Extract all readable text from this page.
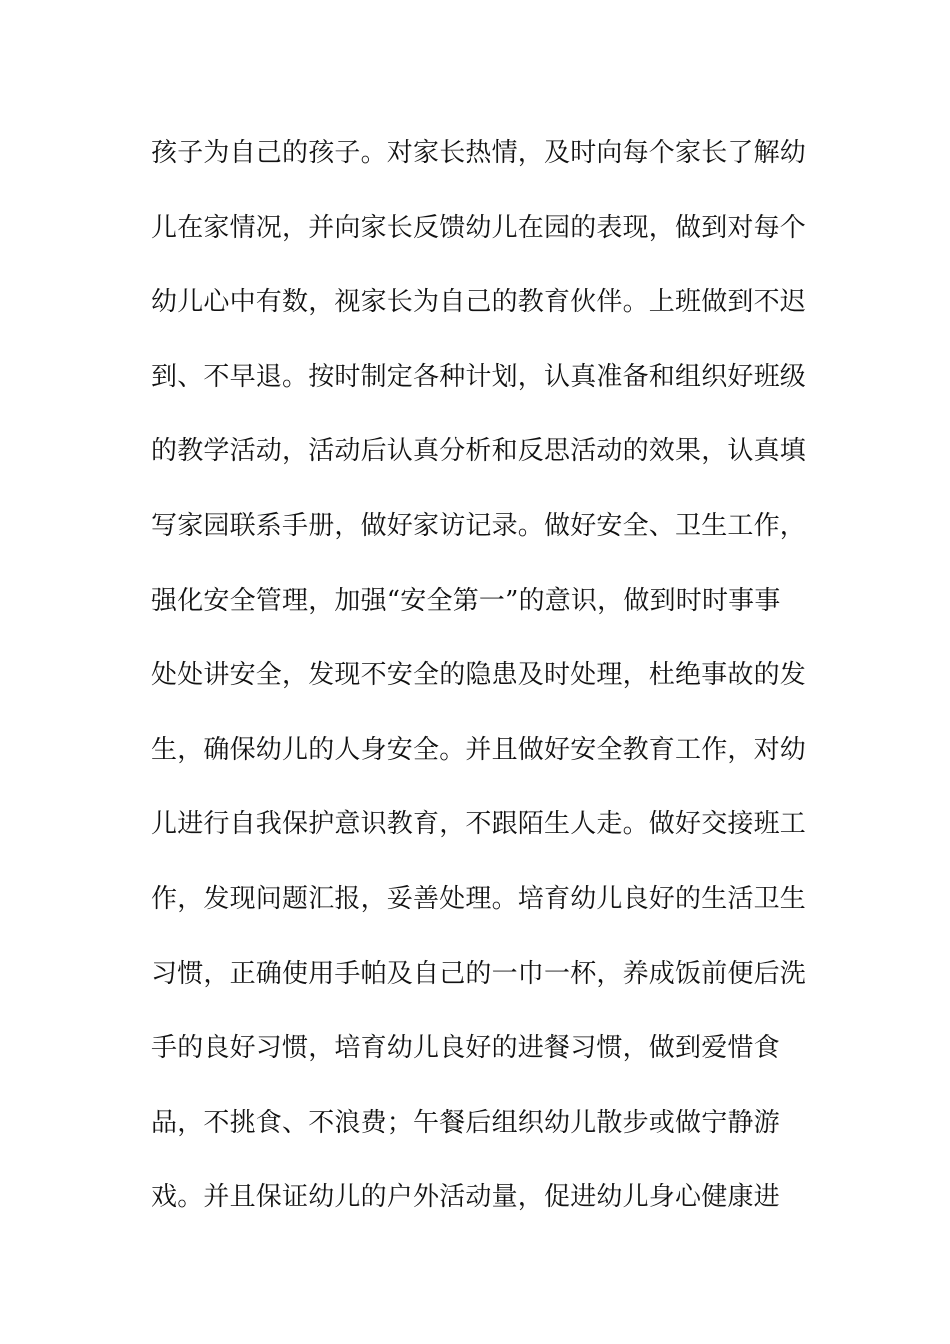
孩子为自己的孩子。对家长热情，及时向每个家长了解幼
儿在家情况，并向家长反馈幼儿在园的表现，做到对每个
幼儿心中有数，视家长为自己的教育伙伴。上班做到不迟
到、不早退。按时制定各种计划，认真准备和组织好班级
的教学活动，活动后认真分析和反思活动的效果，认真填
写家园联系手册，做好家访记录。做好安全、卫生工作，
强化安全管理，加强“安全第一”的意识，做到时时事事
处处讲安全，发现不安全的隐患及时处理，杜绝事故的发
生，确保幼儿的人身安全。并且做好安全教育工作，对幼
儿进行自我保护意识教育，不跟陌生人走。做好交接班工
作，发现问题汇报，妥善处理。培育幼儿良好的生活卫生
习惯，正确使用手帕及自己的一巾一杯，养成饭前便后洗
手的良好习惯，培育幼儿良好的进餐习惯，做到爱惜食
品，不挑食、不浪费；午餐后组织幼儿散步或做宁静游
戏。并且保证幼儿的户外活动量，促进幼儿身心健康进
